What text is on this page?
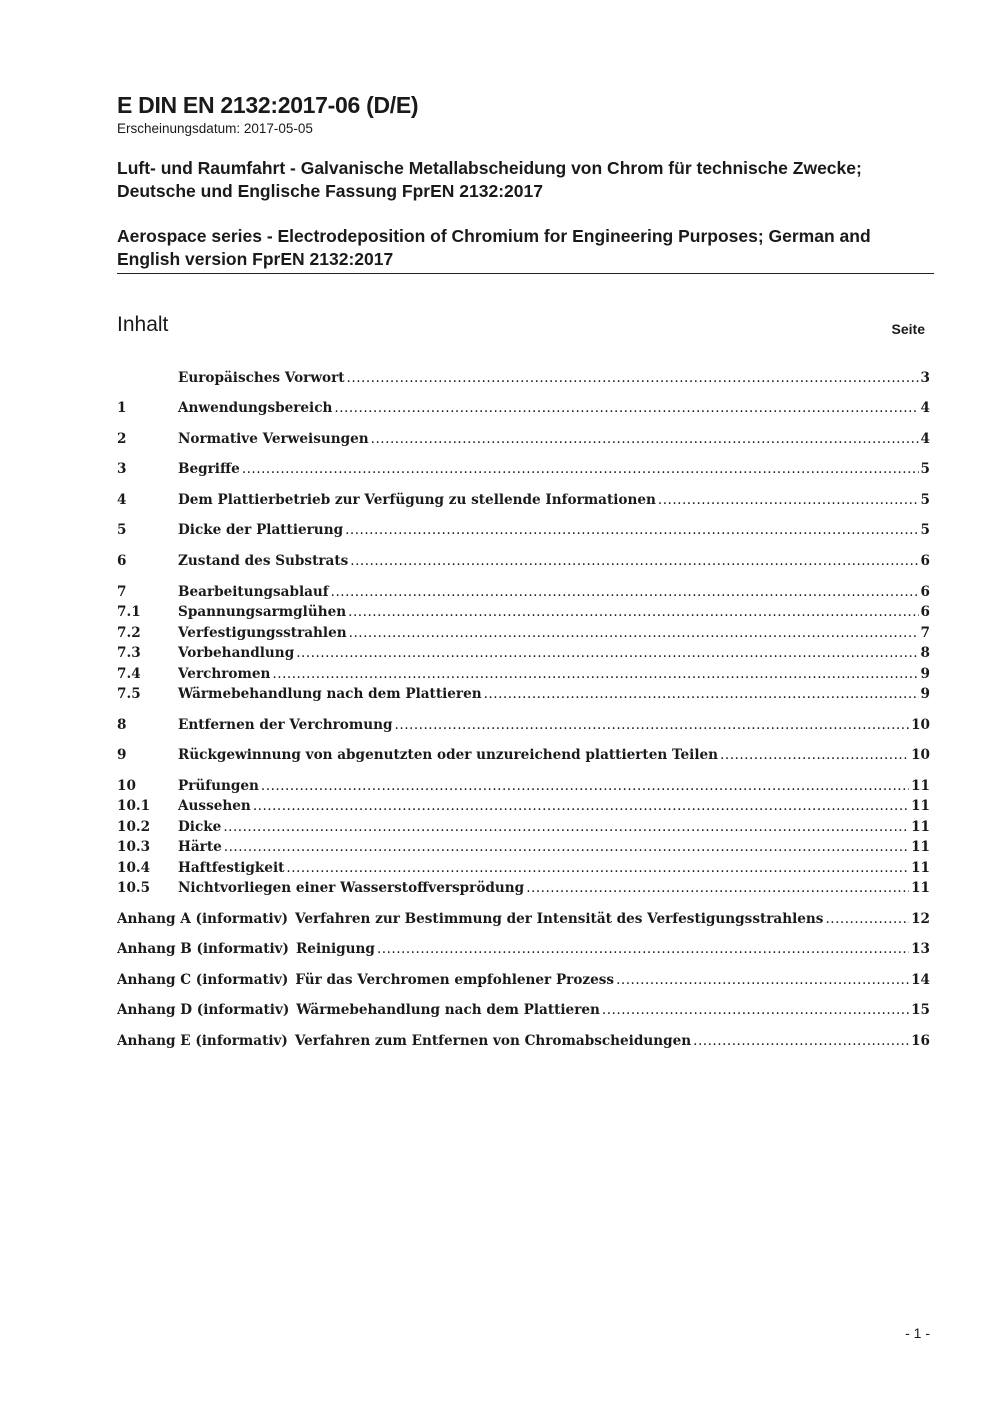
E DIN EN 2132:2017-06 (D/E)

Erscheinungsdatum: 2017-05-05

Luft- und Raumfahrt - Galvanische Metallabscheidung von Chrom für technische Zwecke; Deutsche und Englische Fassung FprEN 2132:2017

Aerospace series - Electrodeposition of Chromium for Engineering Purposes; German and English version FprEN 2132:2017

Inhalt	Seite
Europäisches Vorwort .....	3
1	Anwendungsbereich .....	4
2	Normative Verweisungen .....	4
3	Begriffe .....	5
4	Dem Plattierbetrieb zur Verfügung zu stellende Informationen .....	5
5	Dicke der Plattierung .....	5
6	Zustand des Substrats .....	6
7	Bearbeitungsablauf .....	6
7.1	Spannungsarmglühen .....	6
7.2	Verfestigungsstrahlen .....	7
7.3	Vorbehandlung .....	8
7.4	Verchromen .....	9
7.5	Wärmebehandlung nach dem Plattieren .....	9
8	Entfernen der Verchromung .....	10
9	Rückgewinnung von abgenutzten oder unzureichend plattierten Teilen .....	10
10	Prüfungen .....	11
10.1	Aussehen .....	11
10.2	Dicke .....	11
10.3	Härte .....	11
10.4	Haftfestigkeit .....	11
10.5	Nichtvorliegen einer Wasserstoffversprödung .....	11
Anhang A (informativ) Verfahren zur Bestimmung der Intensität des Verfestigungsstrahlens .....	12
Anhang B (informativ) Reinigung .....	13
Anhang C (informativ) Für das Verchromen empfohlener Prozess .....	14
Anhang D (informativ) Wärmebehandlung nach dem Plattieren .....	15
Anhang E (informativ) Verfahren zum Entfernen von Chromabscheidungen .....	16
- 1 -
